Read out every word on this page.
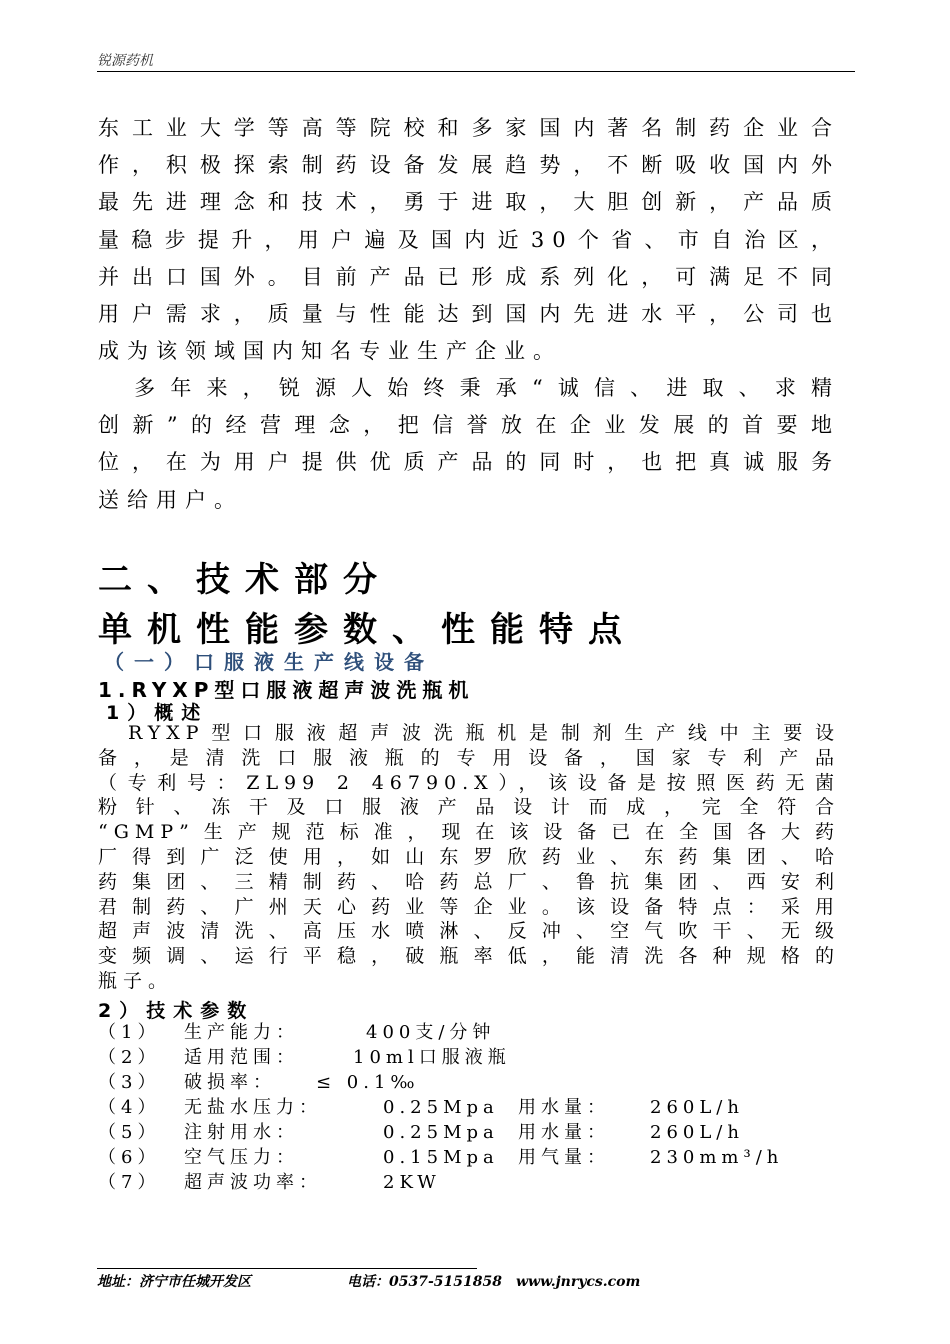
锐源药机
东工业大学等高等院校和多家国内著名制药企业合
作，积极探索制药设备发展趋势，不断吸收国内外
最先进理念和技术，勇于进取，大胆创新，产品质
量稳步提升，用户遍及国内近30个省、市自治区，
并出口国外。目前产品已形成系列化，可满足不同
用户需求，质量与性能达到国内先进水平，公司也
成为该领域国内知名专业生产企业。
　多年来，锐源人始终秉承“诚信、进取、求精
创新”的经营理念，把信誉放在企业发展的首要地
位，在为用户提供优质产品的同时，也把真诚服务
送给用户。
二、技术部分
单机性能参数、性能特点
（一）口服液生产线设备
1.RYXP型口服液超声波洗瓶机
1）概述
RYXP型口服液超声波洗瓶机是制剂生产线中主要设
备，是清洗口服液瓶的专用设备，国家专利产品
（专利号：ZL99 2 46790.X），该设备是按照医药无菌
粉针、冻干及口服液产品设计而成，完全符合
“GMP”生产规范标准，现在该设备已在全国各大药
厂得到广泛使用，如山东罗欣药业、东药集团、哈
药集团、三精制药、哈药总厂、鲁抗集团、西安利
君制药、广州天心药业等企业。该设备特点：采用
超声波清洗、高压水喷淋、反冲、空气吹干、无级
变频调、运行平稳，破瓶率低，能清洗各种规格的
瓶子。
2）技术参数
（1） 生产能力：	400支/分钟
（2） 适用范围：	10ml口服液瓶
（3） 破损率： ≤ 0.1‰
（4） 无盐水压力：	0.25Mpa 用水量： 260L/h
（5） 注射用水：	0.25Mpa 用水量： 260L/h
（6） 空气压力：	0.15Mpa 用气量： 230mm³/h
（7） 超声波功率：	2KW
地址：济宁市任城开发区	电话：0537-5151858 www.jnrycs.com
